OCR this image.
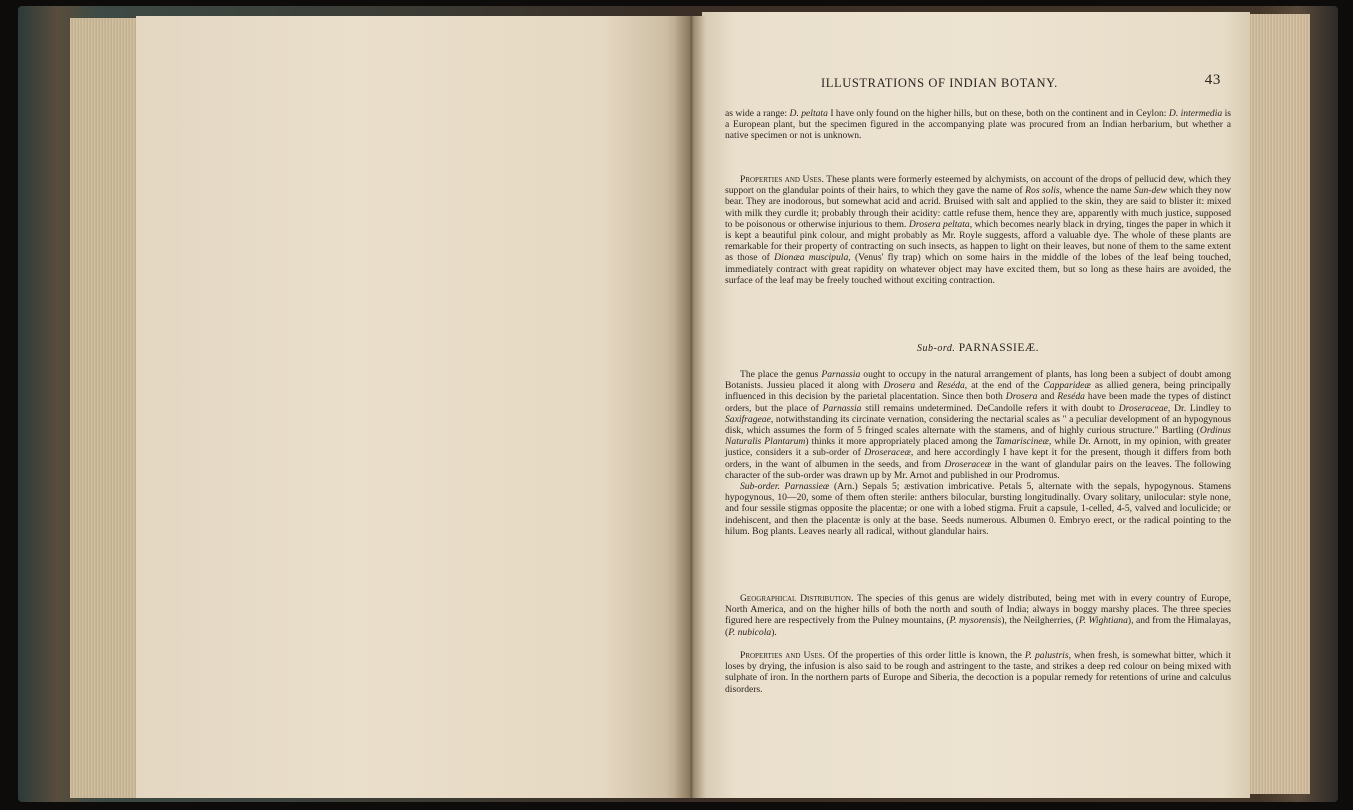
ILLUSTRATIONS OF INDIAN BOTANY.	43

as wide a range: D. peltata I have only found on the higher hills, but on these, both on the continent and in Ceylon: D. intermedia is a European plant, but the specimen figured in the accompanying plate was procured from an Indian herbarium, but whether a native specimen or not is unknown.

Properties and Uses. These plants were formerly esteemed by alchymists, on account of the drops of pellucid dew, which they support on the glandular points of their hairs, to which they gave the name of Ros solis, whence the name Sun-dew which they now bear. They are inodorous, but somewhat acid and acrid. Bruised with salt and applied to the skin, they are said to blister it: mixed with milk they curdle it; probably through their acidity: cattle refuse them, hence they are, apparently with much justice, supposed to be poisonous or otherwise injurious to them. Drosera peltata, which becomes nearly black in drying, tinges the paper in which it is kept a beautiful pink colour, and might probably as Mr. Royle suggests, afford a valuable dye. The whole of these plants are remarkable for their property of contracting on such insects, as happen to light on their leaves, but none of them to the same extent as those of Dionæa muscipula, (Venus' fly trap) which on some hairs in the middle of the lobes of the leaf being touched, immediately contract with great rapidity on whatever object may have excited them, but so long as these hairs are avoided, the surface of the leaf may be freely touched without exciting contraction.

Sub-ord. PARNASSIEÆ.

The place the genus Parnassia ought to occupy in the natural arrangement of plants, has long been a subject of doubt among Botanists. Jussieu placed it along with Drosera and Reséda, at the end of the Capparideæ as allied genera, being principally influenced in this decision by the parietal placentation. Since then both Drosera and Reséda have been made the types of distinct orders, but the place of Parnassia still remains undetermined. DeCandolle refers it with doubt to Droseraceae, Dr. Lindley to Saxifrageae, notwithstanding its circinate vernation, considering the nectarial scales as " a peculiar development of an hypogynous disk, which assumes the form of 5 fringed scales alternate with the stamens, and of highly curious structure." Bartling (Ordinus Naturalis Plantarum) thinks it more appropriately placed among the Tamariscineæ, while Dr. Arnott, in my opinion, with greater justice, considers it a sub-order of Droseraceæ, and here accordingly I have kept it for the present, though it differs from both orders, in the want of albumen in the seeds, and from Droseraceæ in the want of glandular pairs on the leaves. The following character of the sub-order was drawn up by Mr. Arnot and published in our Prodromus.
Sub-order. Parnassieæ (Arn.) Sepals 5; æstivation imbricative. Petals 5, alternate with the sepals, hypogynous. Stamens hypogynous, 10—20, some of them often sterile: anthers bilocular, bursting longitudinally. Ovary solitary, unilocular: style none, and four sessile stigmas opposite the placentæ; or one with a lobed stigma. Fruit a capsule, 1-celled, 4-5, valved and loculicide; or indehiscent, and then the placentæ is only at the base. Seeds numerous. Albumen 0. Embryo erect, or the radical pointing to the hilum. Bog plants. Leaves nearly all radical, without glandular hairs.

Geographical Distribution. The species of this genus are widely distributed, being met with in every country of Europe, North America, and on the higher hills of both the north and south of India; always in boggy marshy places. The three species figured here are respectively from the Pulney mountains, (P. mysorensis), the Neilgherries, (P. Wightiana), and from the Himalayas, (P. nubicola).

Properties and Uses. Of the properties of this order little is known, the P. palustris, when fresh, is somewhat bitter, which it loses by drying, the infusion is also said to be rough and astringent to the taste, and strikes a deep red colour on being mixed with sulphate of iron. In the northern parts of Europe and Siberia, the decoction is a popular remedy for retentions of urine and calculus disorders.
